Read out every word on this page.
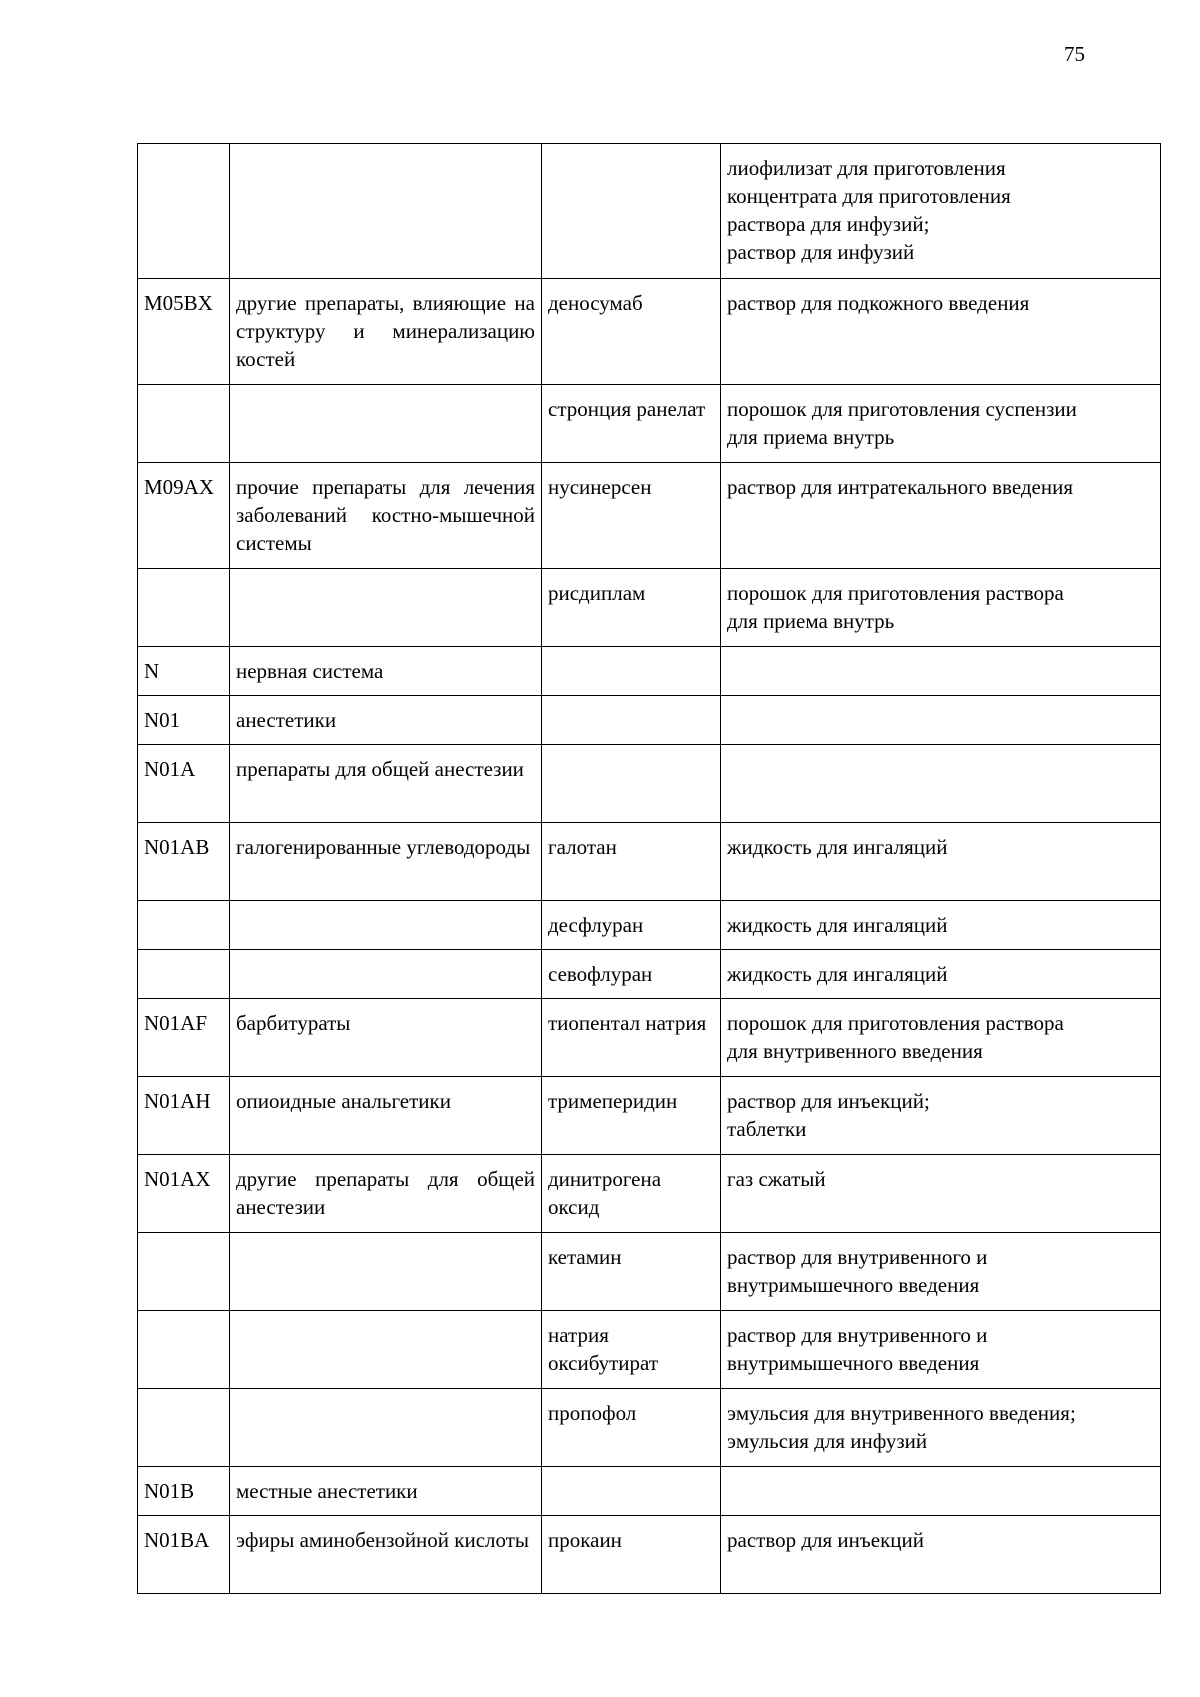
75

			лиофилизат для приготовления
концентрата для приготовления
раствора для инфузий;
раствор для инфузий

M05BX	другие препараты, влияющие на структуру и минерализацию костей	деносумаб	раствор для подкожного введения

		стронция ранелат	порошок для приготовления суспензии
для приема внутрь

M09AX	прочие препараты для лечения заболеваний костно-мышечной системы	нусинерсен	раствор для интратекального введения

		рисдиплам	порошок для приготовления раствора
для приема внутрь

N	нервная система		
N01	анестетики		
N01A	препараты для общей анестезии		
N01AB	галогенированные углеводороды	галотан	жидкость для ингаляций

		десфлуран	жидкость для ингаляций

		севофлуран	жидкость для ингаляций

N01AF	барбитураты	тиопентал натрия	порошок для приготовления раствора
для внутривенного введения

N01AH	опиоидные анальгетики	тримеперидин	раствор для инъекций;
таблетки

N01AX	другие препараты для общей анестезии	динитрогена оксид	газ сжатый

		кетамин	раствор для внутривенного и
внутримышечного введения

		натрия оксибутират	раствор для внутривенного и
внутримышечного введения

		пропофол	эмульсия для внутривенного введения;
эмульсия для инфузий

N01B	местные анестетики		
N01BA	эфиры аминобензойной кислоты	прокаин	раствор для инъекций
